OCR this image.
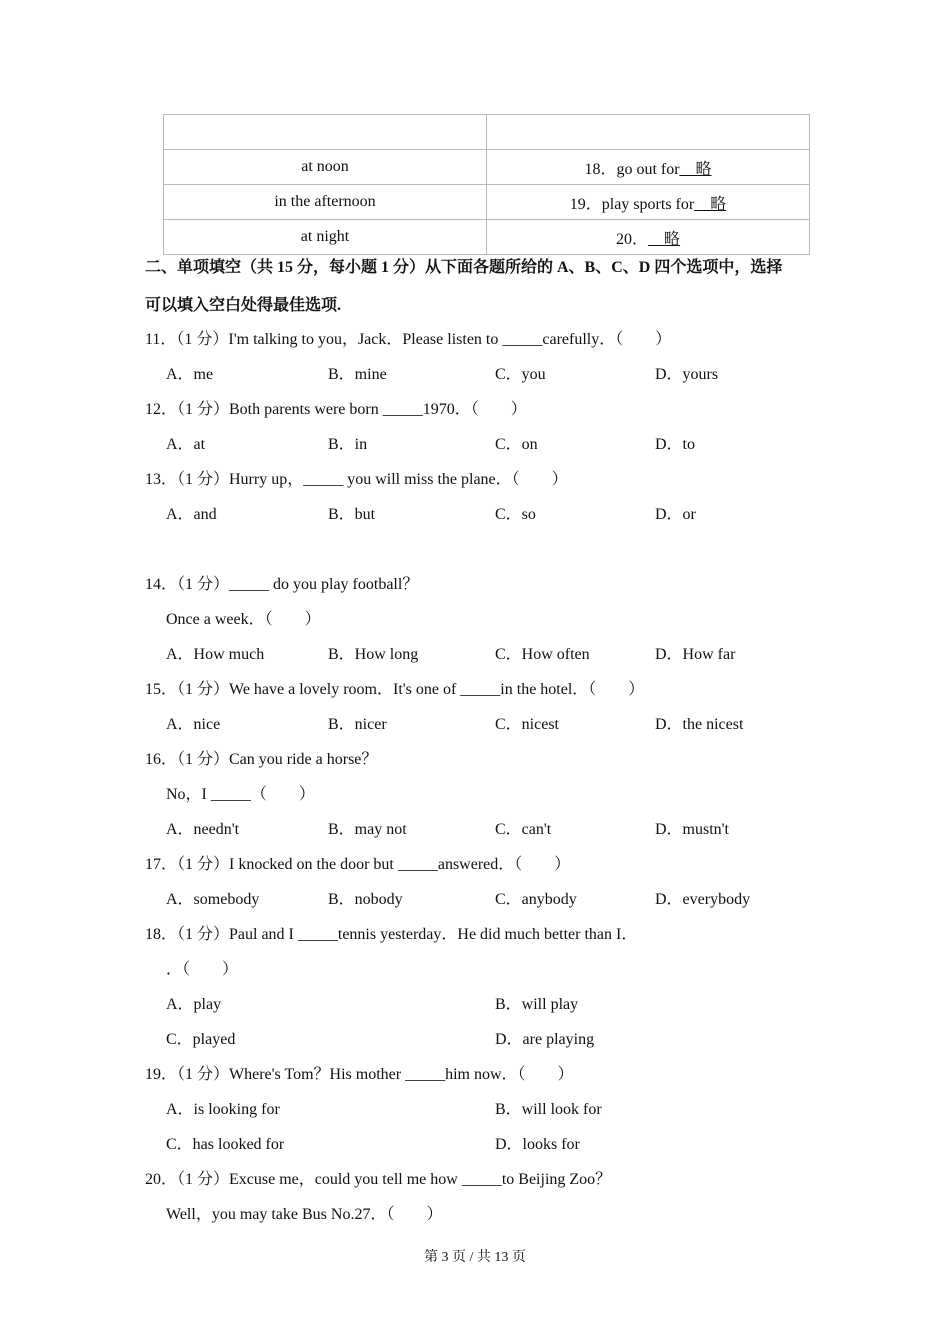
at noon	18．go out for__略
in the afternoon	19．play sports for__略
at night	20．__略
二、单项填空（共 15 分，每小题 1 分）从下面各题所给的 A、B、C、D 四个选项中，选择
可以填入空白处得最佳选项.
11．（1 分）I'm talking to you，Jack．Please listen to _____carefully．（　　）
A．me	B．mine	C．you	D．yours
12．（1 分）Both parents were born _____1970．（　　）
A．at	B．in	C．on	D．to
13．（1 分）Hurry up，_____ you will miss the plane．（　　）
A．and	B．but	C．so	D．or
14．（1 分）_____ do you play football？
Once a week．（　　）
A．How much	B．How long	C．How often	D．How far
15．（1 分）We have a lovely room．It's one of _____in the hotel．（　　）
A．nice	B．nicer	C．nicest	D．the nicest
16．（1 分）Can you ride a horse？
No，I _____（　　）
A．needn't	B．may not	C．can't	D．mustn't
17．（1 分）I knocked on the door but _____answered．（　　）
A．somebody	B．nobody	C．anybody	D．everybody
18．（1 分）Paul and I _____tennis yesterday．He did much better than I．
．（　　）
A．play	B．will play
C．played	D．are playing
19．（1 分）Where's Tom？His mother _____him now．（　　）
A．is looking for	B．will look for
C．has looked for	D．looks for
20．（1 分）Excuse me，could you tell me how _____to Beijing Zoo？
Well，you may take Bus No.27．（　　）
第 3 页 / 共 13 页
